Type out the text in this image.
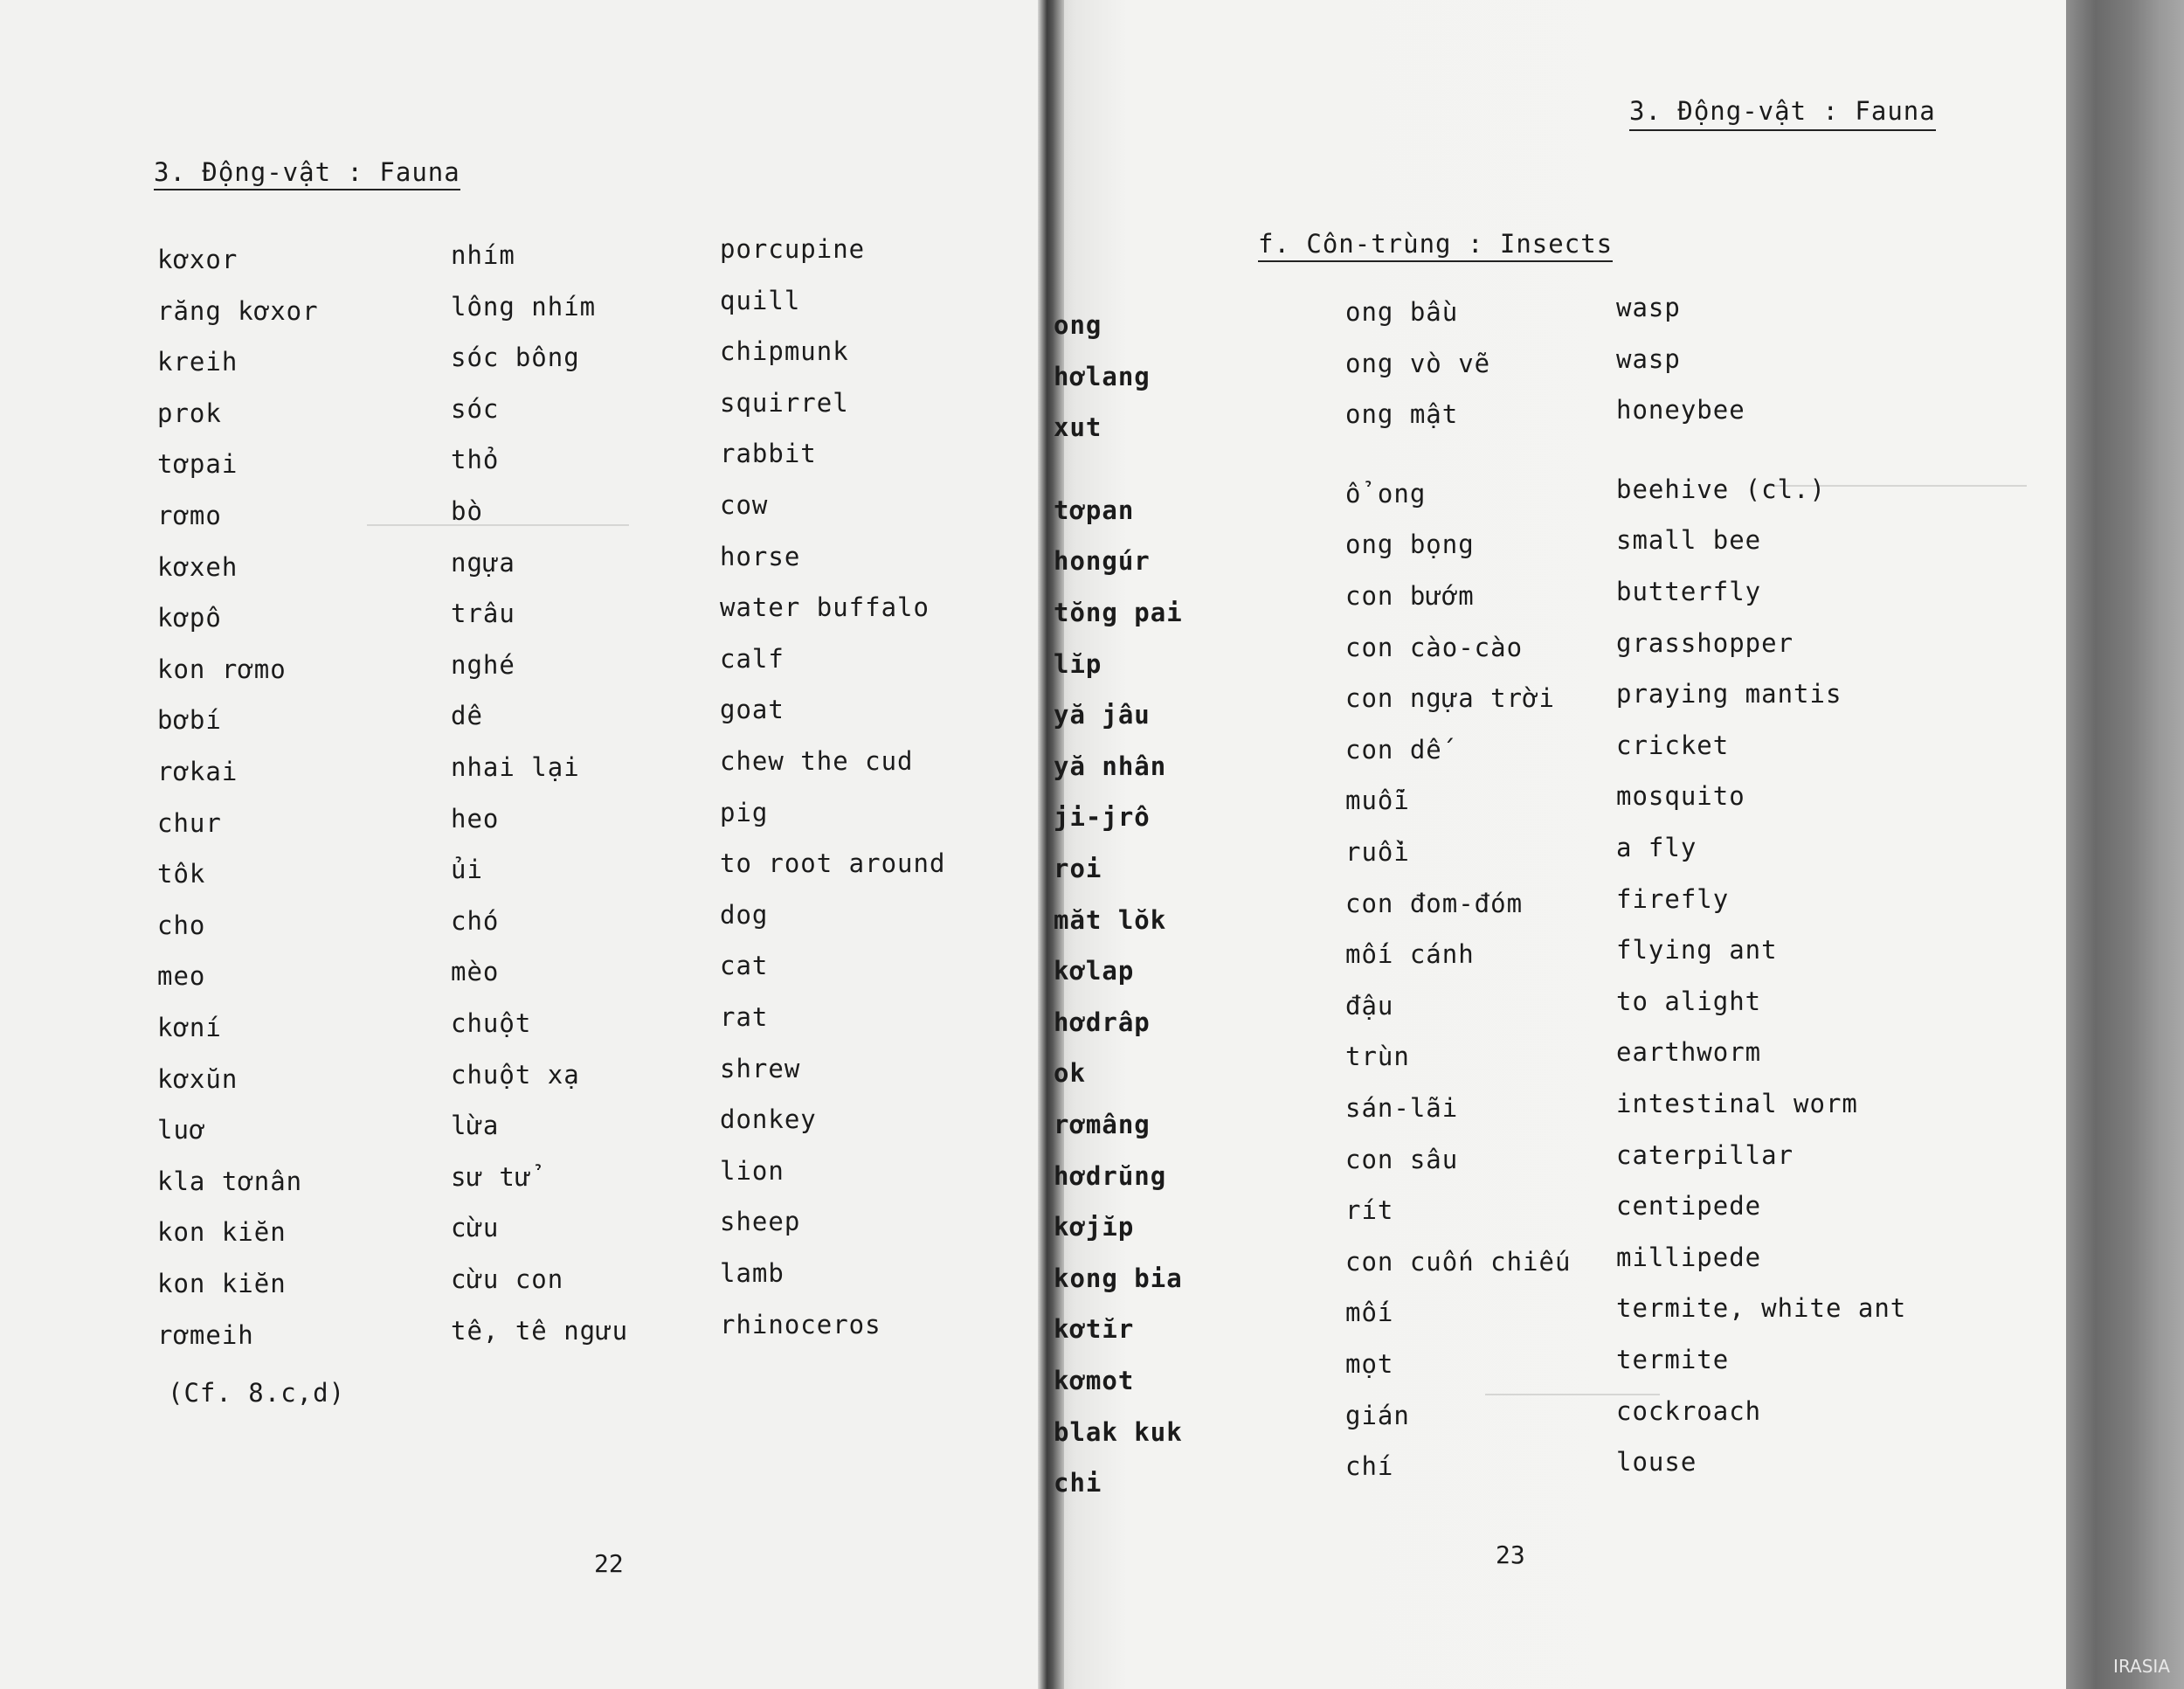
3. Động-vật : Fauna
kơxor
răng kơxor
kreih
prok
tơpai
rơmo
kơxeh
kơpô
kon rơmo
bơbí
rơkai
chur
tôk
cho
meo
kơní
kơxŭn
luơ
kla tơnân
kon kiĕn
kon kiĕn
rơmeih
nhím
lông nhím
sóc bông
sóc
thỏ
bò
ngựa
trâu
nghé
dê
nhai lại
heo
ủi
chó
mèo
chuột
chuột xạ
lừa
sư tử
cừu
cừu con
tê, tê ngưu
porcupine
quill
chipmunk
squirrel
rabbit
cow
horse
water buffalo
calf
goat
chew the cud
pig
to root around
dog
cat
rat
shrew
donkey
lion
sheep
lamb
rhinoceros
(Cf. 8.c,d)
22
3. Động-vật : Fauna
f. Côn-trùng : Insects
ong
hơlang
xut
tơpan
hongúr
tŏng pai
lĭp
yă jâu
yă nhân
ji-jrô
roi
măt lŏk
kơlap
hơdrâp
ok
rơmâng
hơdrŭng
kơjĭp
kong bia
kơtĭr
kơmot
blak kuk
chi
ong bầu
ong vò vẽ
ong mật
ổ ong
ong bọng
con bướm
con cào-cào
con ngựa trời
con dế
muỗi
ruồi
con đom-đóm
mối cánh
đậu
trùn
sán-lãi
con sâu
rít
con cuốn chiếu
mối
mọt
gián
chí
wasp
wasp
honeybee
beehive (cl.)
small bee
butterfly
grasshopper
praying mantis
cricket
mosquito
a fly
firefly
flying ant
to alight
earthworm
intestinal worm
caterpillar
centipede
millipede
termite, white ant
termite
cockroach
louse
23
IRASIA
